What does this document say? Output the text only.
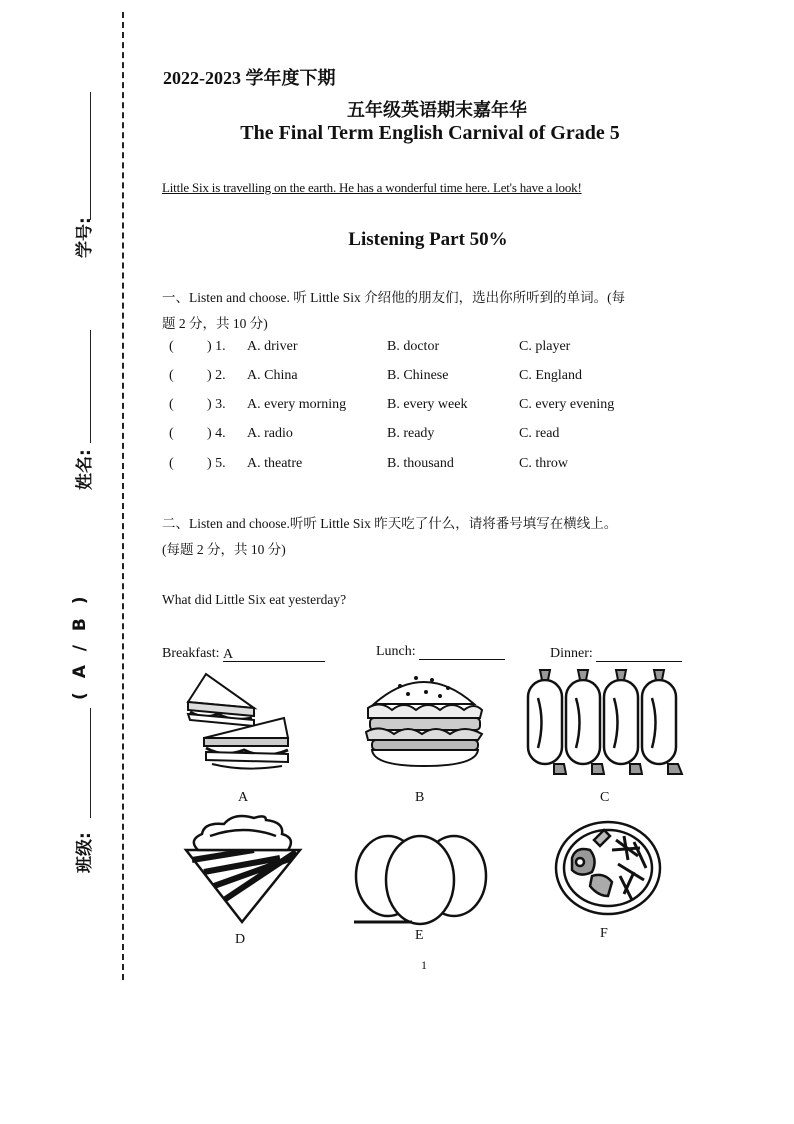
学号:
姓名:
( A / B )
班级:
2022-2023 学年度下期
五年级英语期末嘉年华
The Final Term English Carnival of Grade 5
Little Six is travelling on the earth. He has a wonderful time here. Let's have a look!
Listening Part 50%
一、Listen and choose. 听 Little Six 介绍他的朋友们，选出你所听到的单词。(每
题 2 分，共 10 分)
( ) 1. A. driver	B. doctor	C. player
( ) 2. A. China	B. Chinese	C. England
( ) 3. A. every morning	B. every week	C. every evening
( ) 4. A. radio	B. ready	C. read
( ) 5. A. theatre	B. thousand	C. throw
二、Listen and choose.听听 Little Six 昨天吃了什么，请将番号填写在横线上。
(每题 2 分，共 10 分)
What did Little Six eat yesterday?
Breakfast: A	Lunch:	Dinner:
A	B	C
D	E	F
1
